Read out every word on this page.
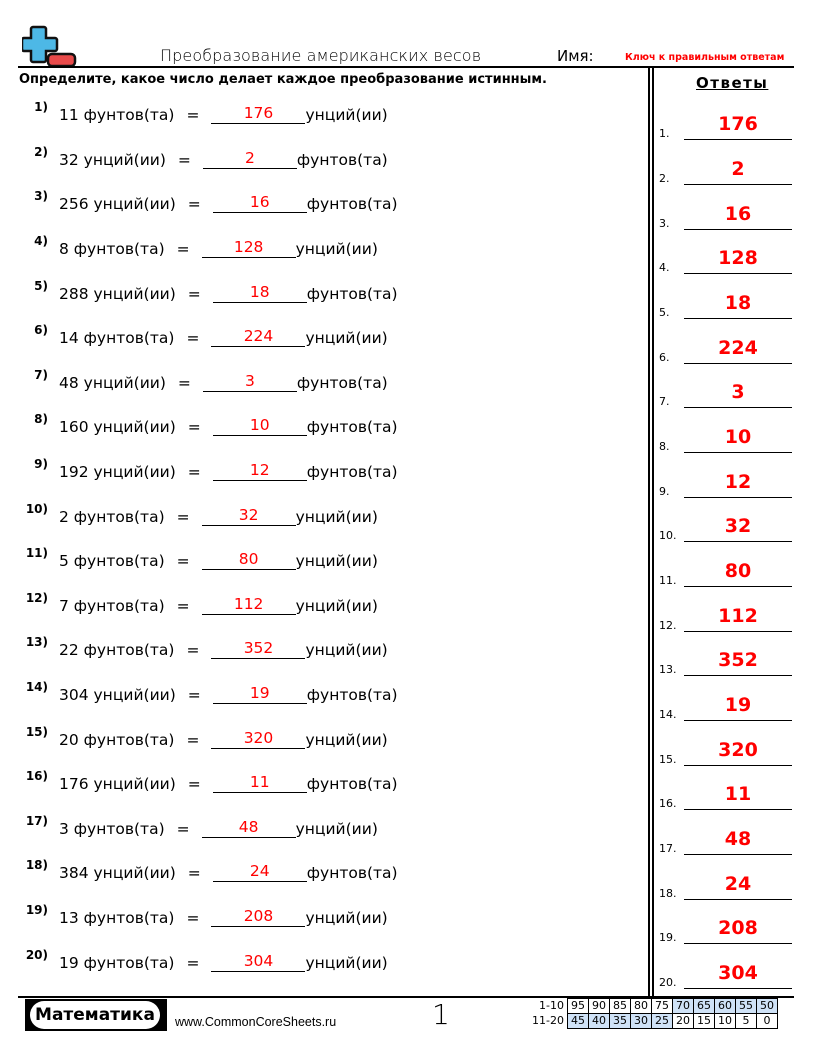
Преобразование американских весов	Имя:	Ключ к правильным ответам
Определите, какое число делает каждое преобразование истинным.	Ответы
1) 11 фунтов(та) =	176	унций(ии)
2) 32 унций(ии) =	2	фунтов(та)
3) 256 унций(ии) =	16	фунтов(та)
4) 8 фунтов(та) =	128	унций(ии)
5) 288 унций(ии) =	18	фунтов(та)
6) 14 фунтов(та) =	224	унций(ии)
7) 48 унций(ии) =	3	фунтов(та)
8) 160 унций(ии) =	10	фунтов(та)
9) 192 унций(ии) =	12	фунтов(та)
10) 2 фунтов(та) =	32	унций(ии)
11) 5 фунтов(та) =	80	унций(ии)
12) 7 фунтов(та) =	112	унций(ии)
13) 22 фунтов(та) =	352	унций(ии)
14) 304 унций(ии) =	19	фунтов(та)
15) 20 фунтов(та) =	320	унций(ии)
16) 176 унций(ии) =	11	фунтов(та)
17) 3 фунтов(та) =	48	унций(ии)
18) 384 унций(ии) =	24	фунтов(та)
19) 13 фунтов(та) =	208	унций(ии)
20) 19 фунтов(та) =	304	унций(ии)
1.	176
2.	2
3.	16
4.	128
5.	18
6.	224
7.	3
8.	10
9.	12
10.	32
11.	80
12.	112
13.	352
14.	19
15.	320
16.	11
17.	48
18.	24
19.	208
20.	304
Математика	www.CommonCoreSheets.ru	1	1-10	95	90	85	80	75	70	65	60	55	50
11-20	45	40	35	30	25	20	15	10	5	0
